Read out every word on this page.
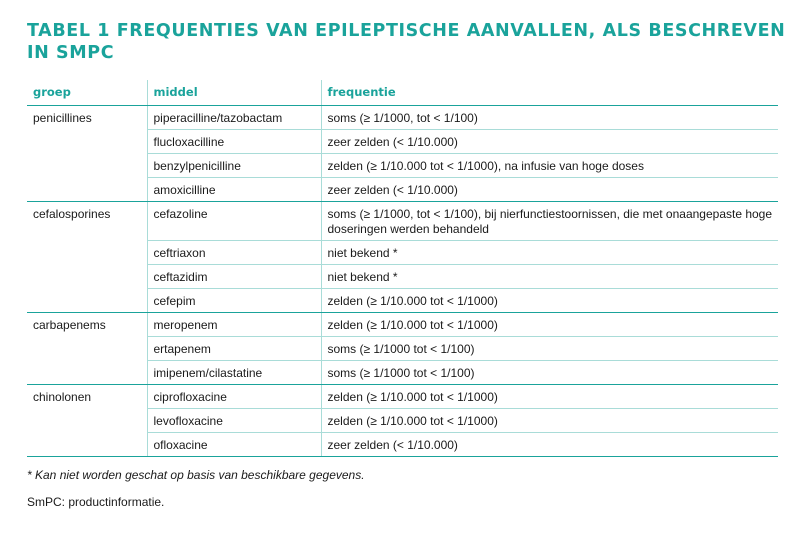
TABEL 1 FREQUENTIES VAN EPILEPTISCHE AANVALLEN, ALS BESCHREVEN IN SMPC
groep	middel	frequentie
penicillines	piperacilline/tazobactam	soms (≥ 1/1000, tot < 1/100)
	flucloxacilline	zeer zelden (< 1/10.000)
	benzylpenicilline	zelden (≥ 1/10.000 tot < 1/1000), na infusie van hoge doses
	amoxicilline	zeer zelden (< 1/10.000)
cefalosporines	cefazoline	soms (≥ 1/1000, tot < 1/100), bij nierfunctiestoornissen, die met onaangepaste hoge doseringen werden behandeld
	ceftriaxon	niet bekend *
	ceftazidim	niet bekend *
	cefepim	zelden (≥ 1/10.000 tot < 1/1000)
carbapenems	meropenem	zelden (≥ 1/10.000 tot < 1/1000)
	ertapenem	soms (≥ 1/1000 tot < 1/100)
	imipenem/cilastatine	soms (≥ 1/1000 tot < 1/100)
chinolonen	ciprofloxacine	zelden (≥ 1/10.000 tot < 1/1000)
	levofloxacine	zelden (≥ 1/10.000 tot < 1/1000)
	ofloxacine	zeer zelden (< 1/10.000)
* Kan niet worden geschat op basis van beschikbare gegevens.
SmPC: productinformatie.
